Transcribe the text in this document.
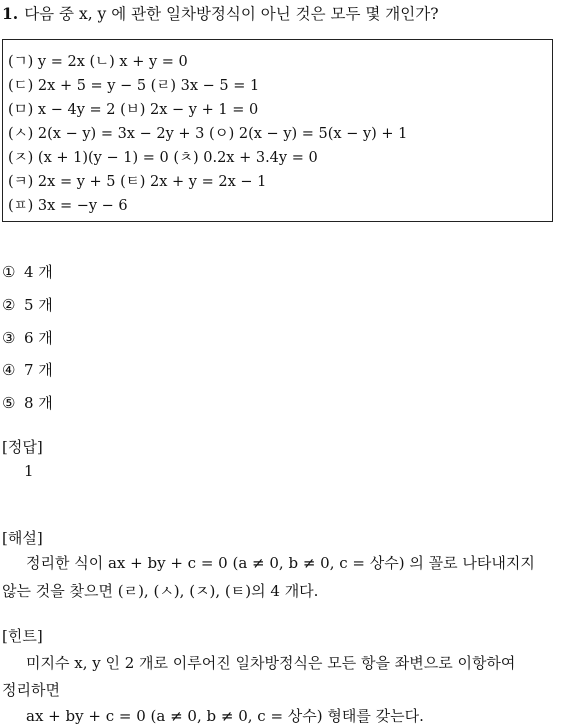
1. 다음 중 x, y 에 관한 일차방정식이 아닌 것은 모두 몇 개인가?
(ㄱ) y = 2x (ㄴ) x + y = 0
(ㄷ) 2x + 5 = y − 5 (ㄹ) 3x − 5 = 1
(ㅁ) x − 4y = 2 (ㅂ) 2x − y + 1 = 0
(ㅅ) 2(x − y) = 3x − 2y + 3 (ㅇ) 2(x − y) = 5(x − y) + 1
(ㅈ) (x + 1)(y − 1) = 0 (ㅊ) 0.2x + 3.4y = 0
(ㅋ) 2x = y + 5 (ㅌ) 2x + y = 2x − 1
(ㅍ) 3x = −y − 6
① 4 개
② 5 개
③ 6 개
④ 7 개
⑤ 8 개
[정답]
1
[해설]
정리한 식이 ax + by + c = 0 (a ≠ 0, b ≠ 0, c = 상수) 의 꼴로 나타내지지
않는 것을 찾으면 (ㄹ), (ㅅ), (ㅈ), (ㅌ)의 4 개다.
[힌트]
미지수 x, y 인 2 개로 이루어진 일차방정식은 모든 항을 좌변으로 이항하여
정리하면
ax + by + c = 0 (a ≠ 0, b ≠ 0, c = 상수) 형태를 갖는다.
